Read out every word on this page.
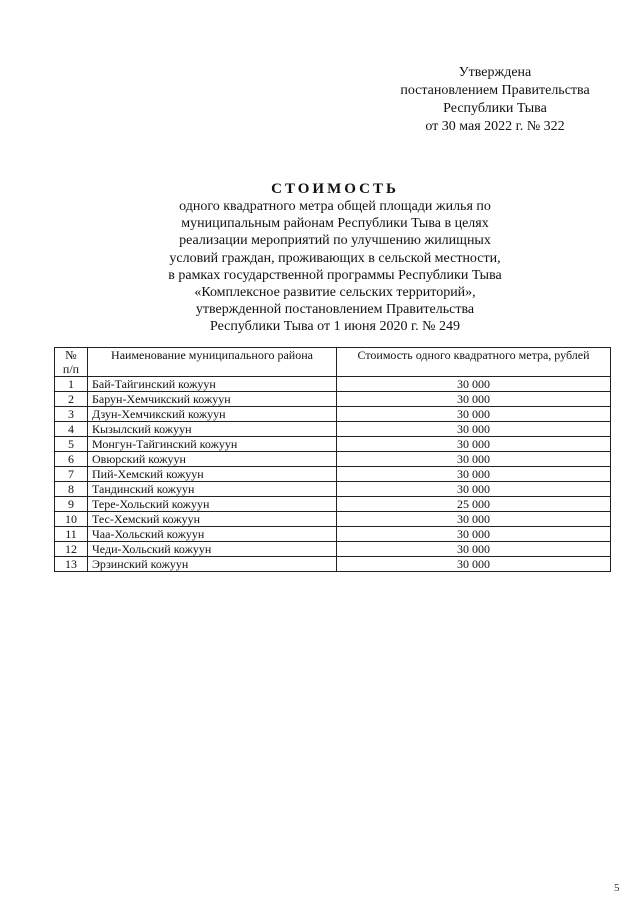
Утверждена
постановлением Правительства
Республики Тыва
от 30 мая 2022 г. № 322
СТОИМОСТЬ
одного квадратного метра общей площади жилья по
муниципальным районам Республики Тыва в целях
реализации мероприятий по улучшению жилищных
условий граждан, проживающих в сельской местности,
в рамках государственной программы Республики Тыва
«Комплексное развитие сельских территорий»,
утвержденной постановлением Правительства
Республики Тыва от 1 июня 2020 г. № 249
№
п/п	Наименование муниципального района	Стоимость одного квадратного метра, рублей
1	Бай-Тайгинский кожуун	30 000
2	Барун-Хемчикский кожуун	30 000
3	Дзун-Хемчикский кожуун	30 000
4	Кызылский кожуун	30 000
5	Монгун-Тайгинский кожуун	30 000
6	Овюрский кожуун	30 000
7	Пий-Хемский кожуун	30 000
8	Тандинский кожуун	30 000
9	Тере-Хольский кожуун	25 000
10	Тес-Хемский кожуун	30 000
11	Чаа-Хольский кожуун	30 000
12	Чеди-Хольский кожуун	30 000
13	Эрзинский кожуун	30 000
5
